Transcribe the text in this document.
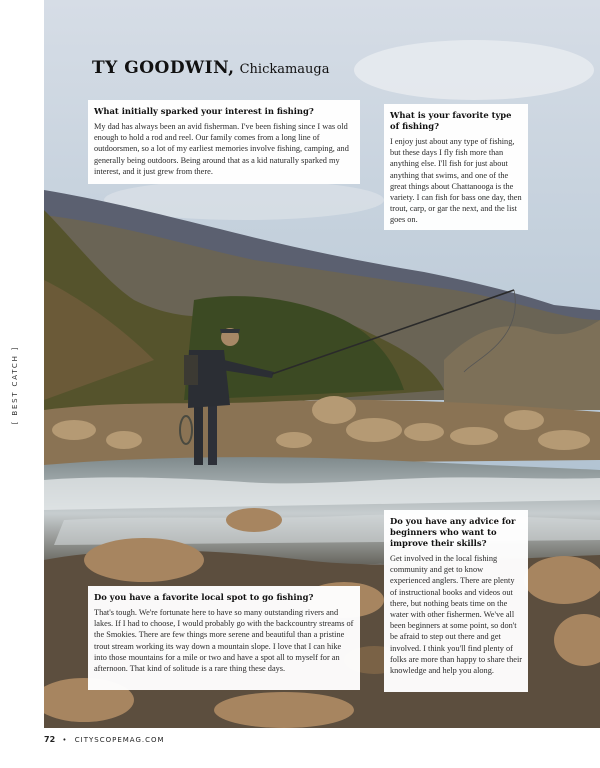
[ BEST CATCH ]
TY GOODWIN, Chickamauga

What initially sparked your interest in fishing?

My dad has always been an avid fisherman. I've been fishing since I was old enough to hold a rod and reel. Our family comes from a long line of outdoorsmen, so a lot of my earliest memories involve fishing, camping, and generally being outdoors. Being around that as a kid naturally sparked my interest, and it just grew from there.

What is your favorite type of fishing?

I enjoy just about any type of fishing, but these days I fly fish more than anything else. I'll fish for just about anything that swims, and one of the great things about Chattanooga is the variety. I can fish for bass one day, then trout, carp, or gar the next, and the list goes on.

Do you have any advice for beginners who want to improve their skills?

Get involved in the local fishing community and get to know experienced anglers. There are plenty of instructional books and videos out there, but nothing beats time on the water with other fishermen. We've all been beginners at some point, so don't be afraid to step out there and get involved. I think you'll find plenty of folks are more than happy to share their knowledge and help you along.

Do you have a favorite local spot to go fishing?

That's tough. We're fortunate here to have so many outstanding rivers and lakes. If I had to choose, I would probably go with the backcountry streams of the Smokies. There are few things more serene and beautiful than a pristine trout stream working its way down a mountain slope. I love that I can hike into those mountains for a mile or two and have a spot all to myself for an afternoon. That kind of solitude is a rare thing these days.

72 • CITYSCOPEMAG.COM
